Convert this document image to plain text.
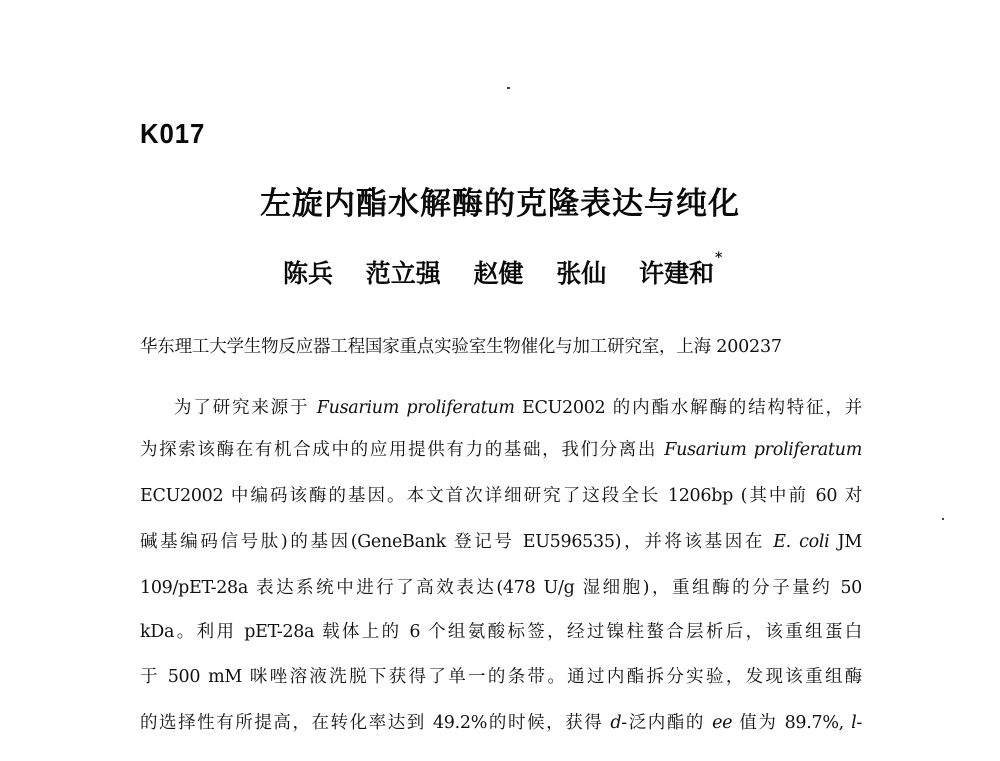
K017
左旋内酯水解酶的克隆表达与纯化
陈兵 范立强 赵健 张仙 许建和*
华东理工大学生物反应器工程国家重点实验室生物催化与加工研究室，上海 200237
为了研究来源于 Fusarium proliferatum ECU2002 的内酯水解酶的结构特征，并
为探索该酶在有机合成中的应用提供有力的基础，我们分离出 Fusarium proliferatum
ECU2002 中编码该酶的基因。本文首次详细研究了这段全长 1206bp (其中前 60 对
碱基编码信号肽)的基因(GeneBank 登记号 EU596535)，并将该基因在 E. coli JM
109/pET-28a 表达系统中进行了高效表达(478 U/g 湿细胞)，重组酶的分子量约 50
kDa。利用 pET-28a 载体上的 6 个组氨酸标签，经过镍柱螯合层析后，该重组蛋白
于 500 mM 咪唑溶液洗脱下获得了单一的条带。通过内酯拆分实验，发现该重组酶
的选择性有所提高，在转化率达到 49.2%的时候，获得 d-泛内酯的 ee 值为 89.7%, l-
